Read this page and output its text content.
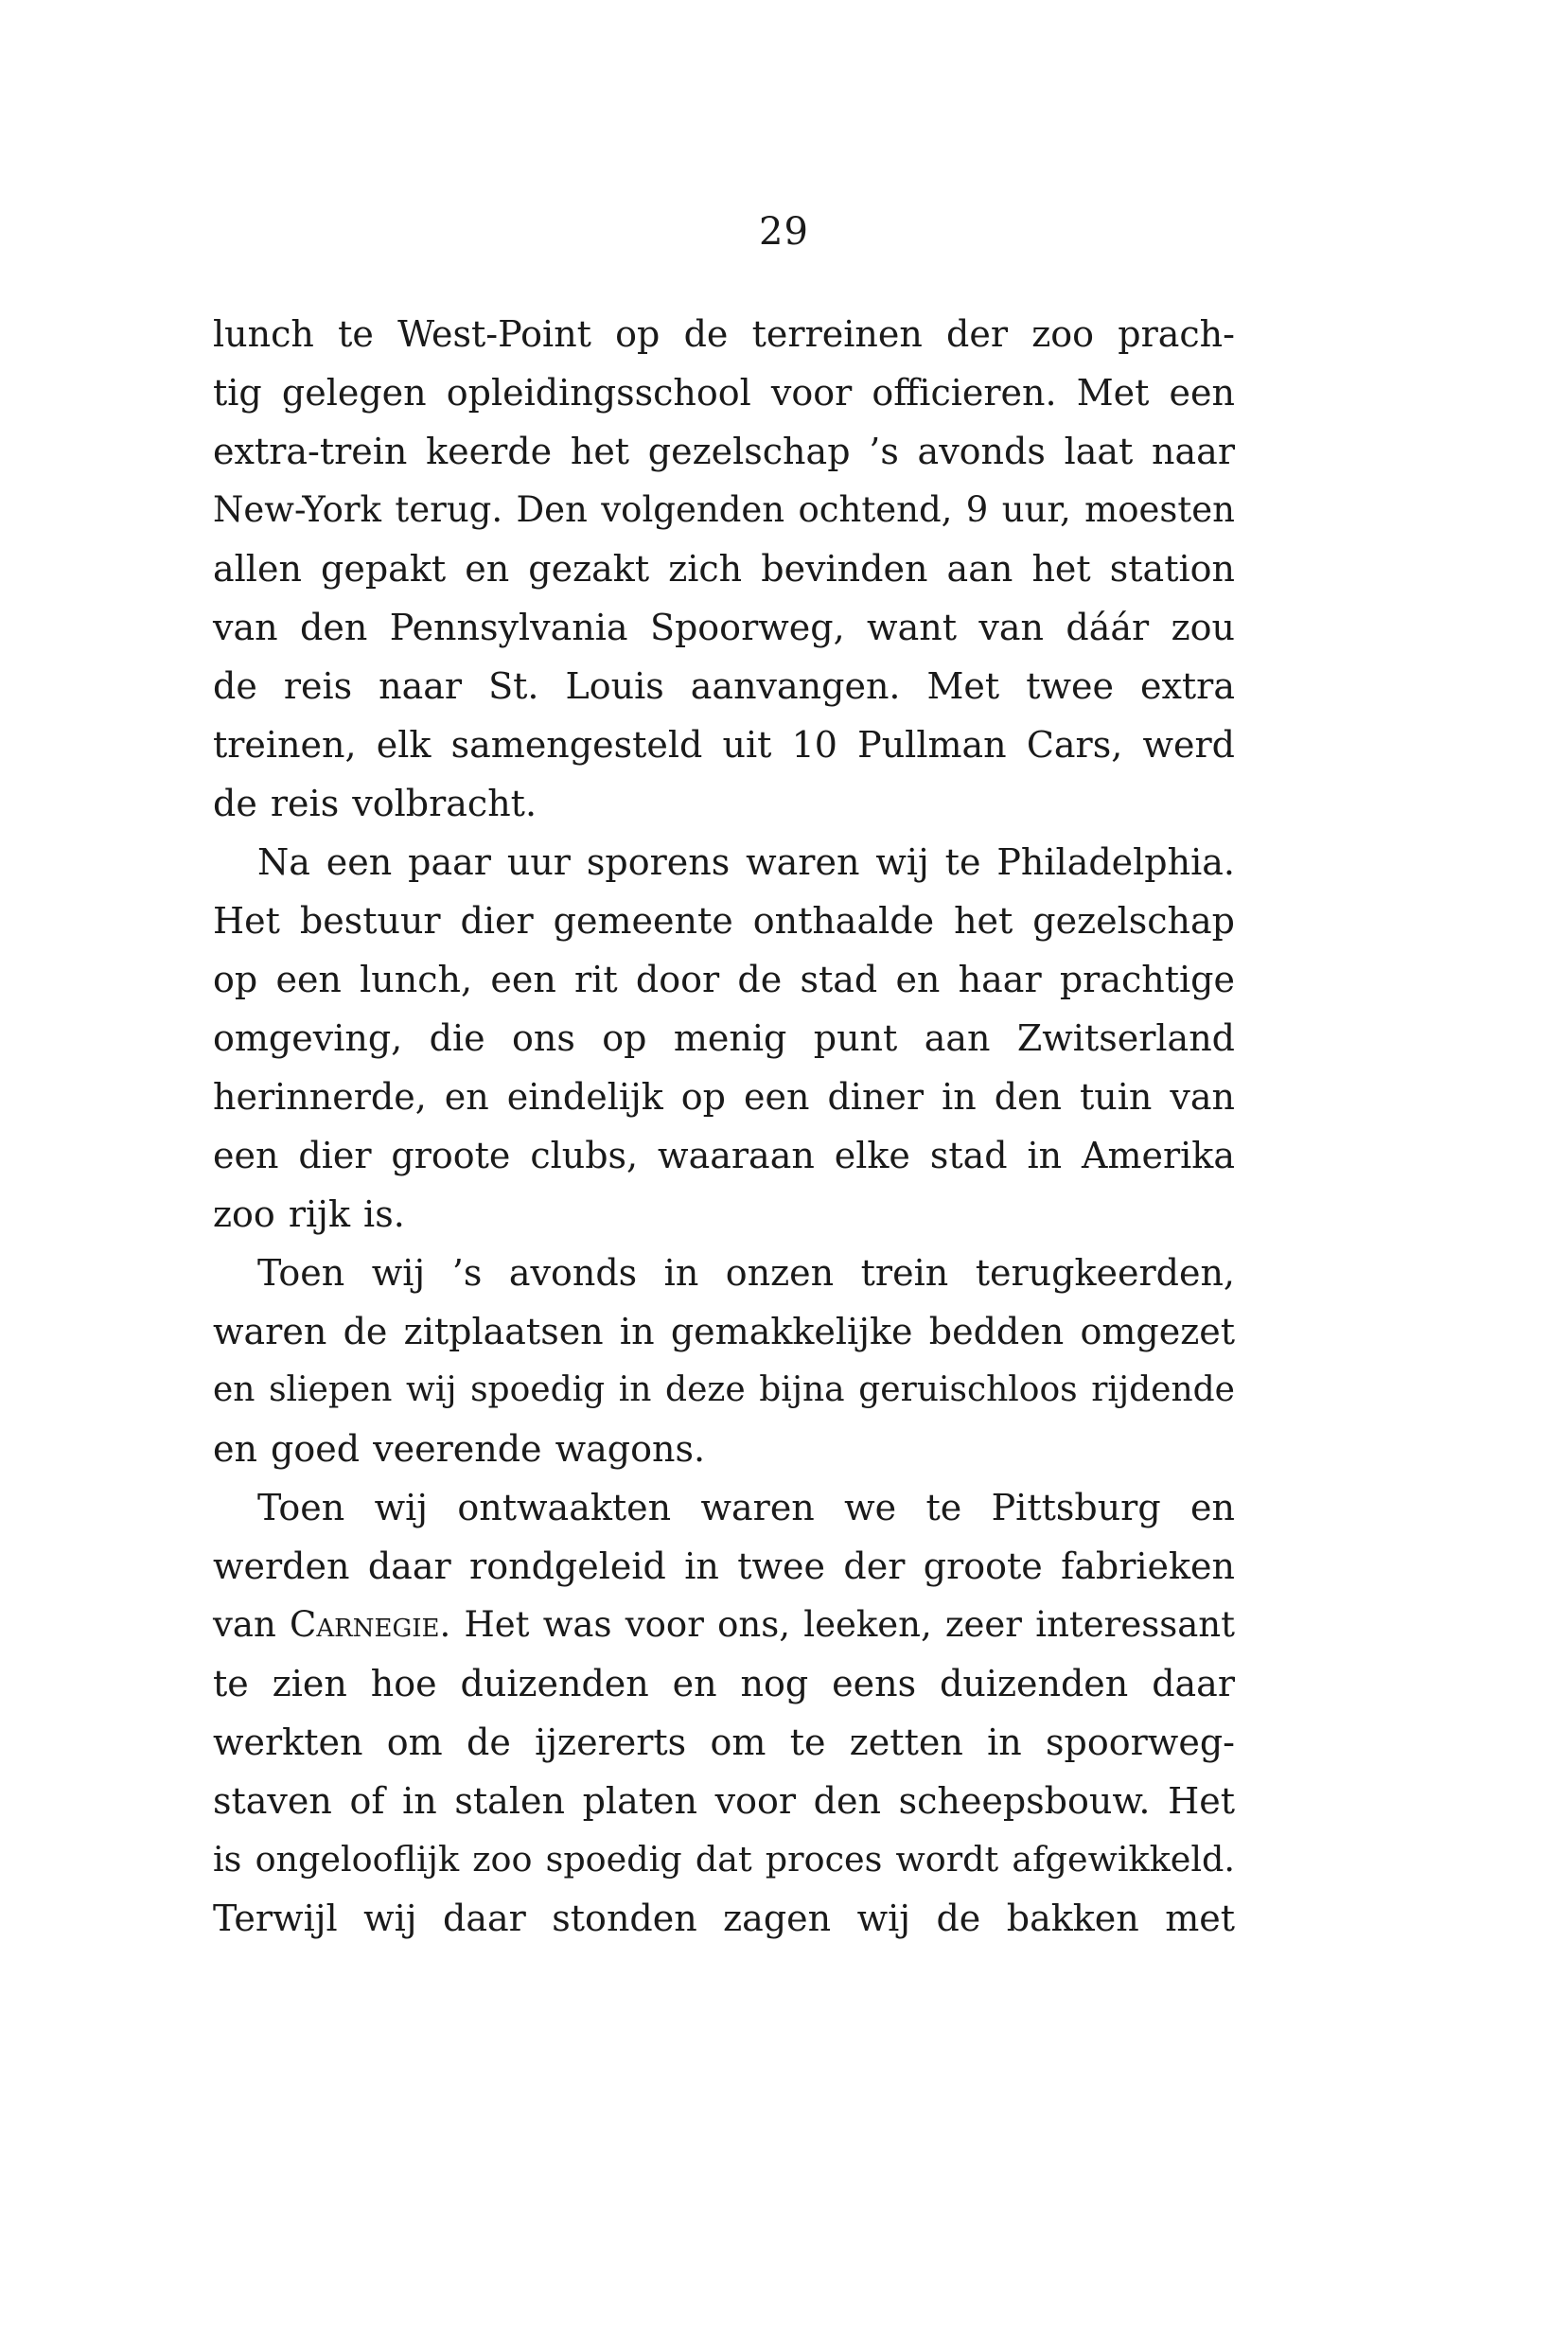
29
lunch te West-Point op de terreinen der zoo prach-
tig gelegen opleidingsschool voor officieren. Met een
extra-trein keerde het gezelschap ’s avonds laat naar
New-York terug. Den volgenden ochtend, 9 uur, moesten
allen gepakt en gezakt zich bevinden aan het station
van den Pennsylvania Spoorweg, want van dáár zou
de reis naar St. Louis aanvangen. Met twee extra
treinen, elk samengesteld uit 10 Pullman Cars, werd
de reis volbracht.
Na een paar uur sporens waren wij te Philadelphia.
Het bestuur dier gemeente onthaalde het gezelschap
op een lunch, een rit door de stad en haar prachtige
omgeving, die ons op menig punt aan Zwitserland
herinnerde, en eindelijk op een diner in den tuin van
een dier groote clubs, waaraan elke stad in Amerika
zoo rijk is.
Toen wij ’s avonds in onzen trein terugkeerden,
waren de zitplaatsen in gemakkelijke bedden omgezet
en sliepen wij spoedig in deze bijna geruischloos rijdende
en goed veerende wagons.
Toen wij ontwaakten waren we te Pittsburg en
werden daar rondgeleid in twee der groote fabrieken
van Carnegie. Het was voor ons, leeken, zeer interessant
te zien hoe duizenden en nog eens duizenden daar
werkten om de ijzererts om te zetten in spoorweg-
staven of in stalen platen voor den scheepsbouw. Het
is ongelooflijk zoo spoedig dat proces wordt afgewikkeld.
Terwijl wij daar stonden zagen wij de bakken met
